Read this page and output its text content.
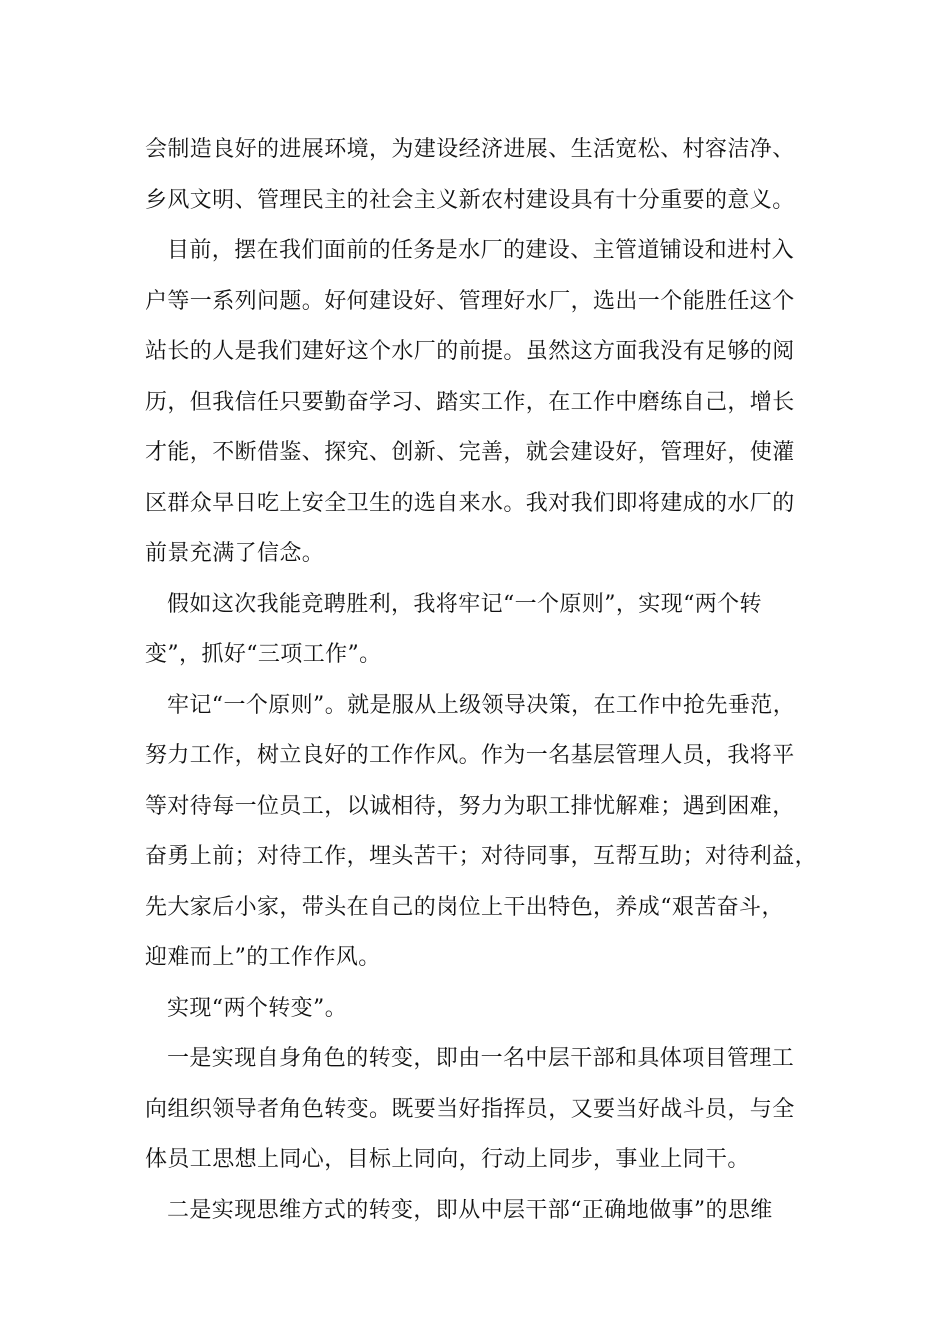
会制造良好的进展环境，为建设经济进展、生活宽松、村容洁净、
乡风文明、管理民主的社会主义新农村建设具有十分重要的意义。
目前，摆在我们面前的任务是水厂的建设、主管道铺设和进村入
户等一系列问题。好何建设好、管理好水厂，选出一个能胜任这个
站长的人是我们建好这个水厂的前提。虽然这方面我没有足够的阅
历，但我信任只要勤奋学习、踏实工作，在工作中磨练自己，增长
才能，不断借鉴、探究、创新、完善，就会建设好，管理好，使灌
区群众早日吃上安全卫生的选自来水。我对我们即将建成的水厂的
前景充满了信念。
假如这次我能竞聘胜利，我将牢记“一个原则”，实现“两个转
变”，抓好“三项工作”。
牢记“一个原则”。就是服从上级领导决策，在工作中抢先垂范，
努力工作，树立良好的工作作风。作为一名基层管理人员，我将平
等对待每一位员工，以诚相待，努力为职工排忧解难；遇到困难，
奋勇上前；对待工作，埋头苦干；对待同事，互帮互助；对待利益，
先大家后小家，带头在自己的岗位上干出特色，养成“艰苦奋斗，
迎难而上”的工作作风。
实现“两个转变”。
一是实现自身角色的转变，即由一名中层干部和具体项目管理工
向组织领导者角色转变。既要当好指挥员，又要当好战斗员，与全
体员工思想上同心，目标上同向，行动上同步，事业上同干。
二是实现思维方式的转变，即从中层干部“正确地做事”的思维
